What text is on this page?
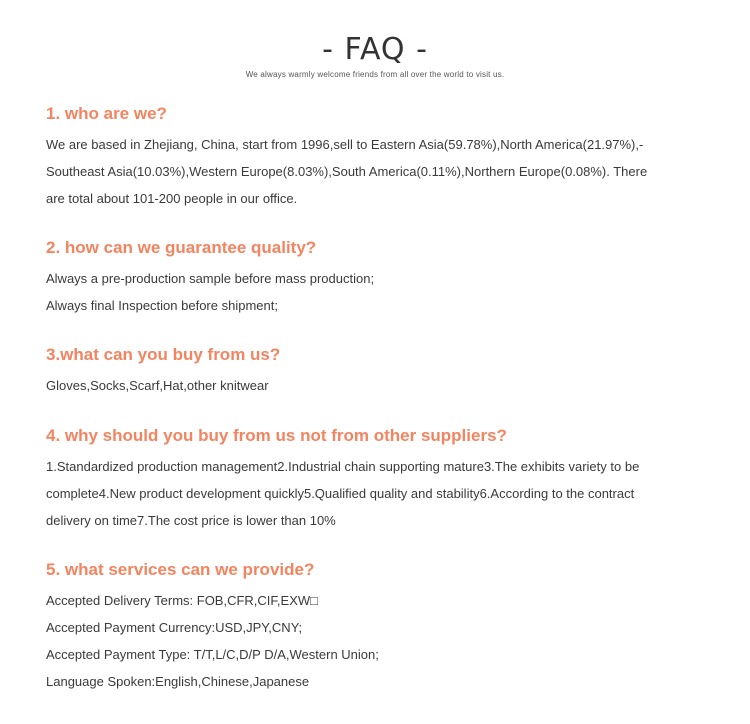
- FAQ -
We always warmly welcome friends from all over the world to visit us.
1. who are we?
We are based in Zhejiang, China, start from 1996,sell to Eastern Asia(59.78%),North America(21.97%),-
Southeast Asia(10.03%),Western Europe(8.03%),South America(0.11%),Northern Europe(0.08%). There
are total about 101-200 people in our office.
2. how can we guarantee quality?
Always a pre-production sample before mass production;
Always final Inspection before shipment;
3.what can you buy from us?
Gloves,Socks,Scarf,Hat,other knitwear
4. why should you buy from us not from other suppliers?
1.Standardized production management2.Industrial chain supporting mature3.The exhibits variety to be
complete4.New product development quickly5.Qualified quality and stability6.According to the contract
delivery on time7.The cost price is lower than 10%
5. what services can we provide?
Accepted Delivery Terms: FOB,CFR,CIF,EXW□
Accepted Payment Currency:USD,JPY,CNY;
Accepted Payment Type: T/T,L/C,D/P D/A,Western Union;
Language Spoken:English,Chinese,Japanese
